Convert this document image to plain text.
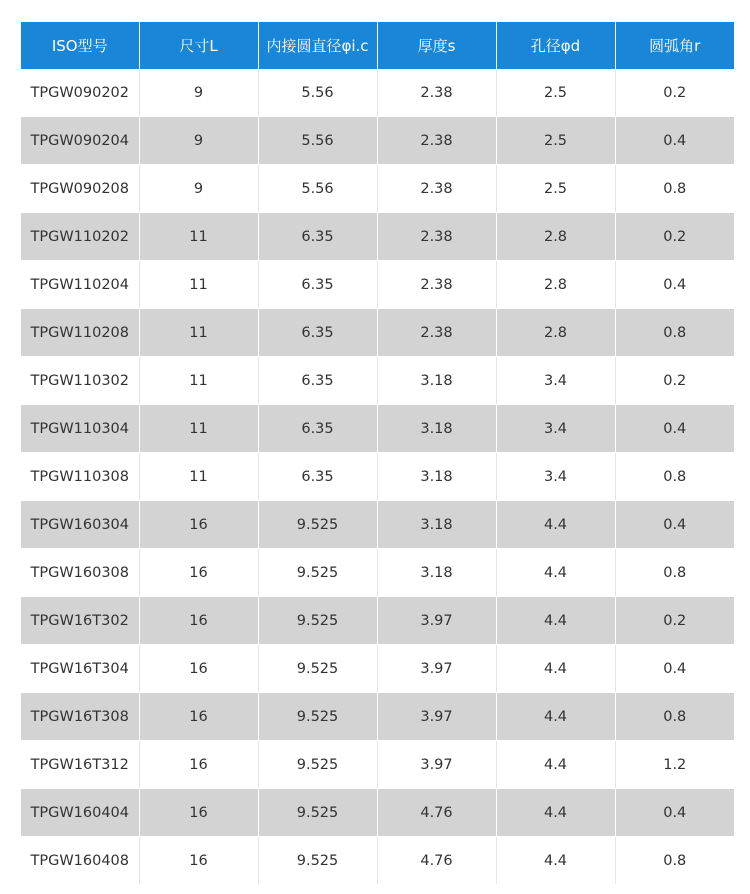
ISO型号	尺寸L	内接圆直径φi.c	厚度s	孔径φd	圆弧角r
TPGW090202	9	5.56	2.38	2.5	0.2
TPGW090204	9	5.56	2.38	2.5	0.4
TPGW090208	9	5.56	2.38	2.5	0.8
TPGW110202	11	6.35	2.38	2.8	0.2
TPGW110204	11	6.35	2.38	2.8	0.4
TPGW110208	11	6.35	2.38	2.8	0.8
TPGW110302	11	6.35	3.18	3.4	0.2
TPGW110304	11	6.35	3.18	3.4	0.4
TPGW110308	11	6.35	3.18	3.4	0.8
TPGW160304	16	9.525	3.18	4.4	0.4
TPGW160308	16	9.525	3.18	4.4	0.8
TPGW16T302	16	9.525	3.97	4.4	0.2
TPGW16T304	16	9.525	3.97	4.4	0.4
TPGW16T308	16	9.525	3.97	4.4	0.8
TPGW16T312	16	9.525	3.97	4.4	1.2
TPGW160404	16	9.525	4.76	4.4	0.4
TPGW160408	16	9.525	4.76	4.4	0.8
